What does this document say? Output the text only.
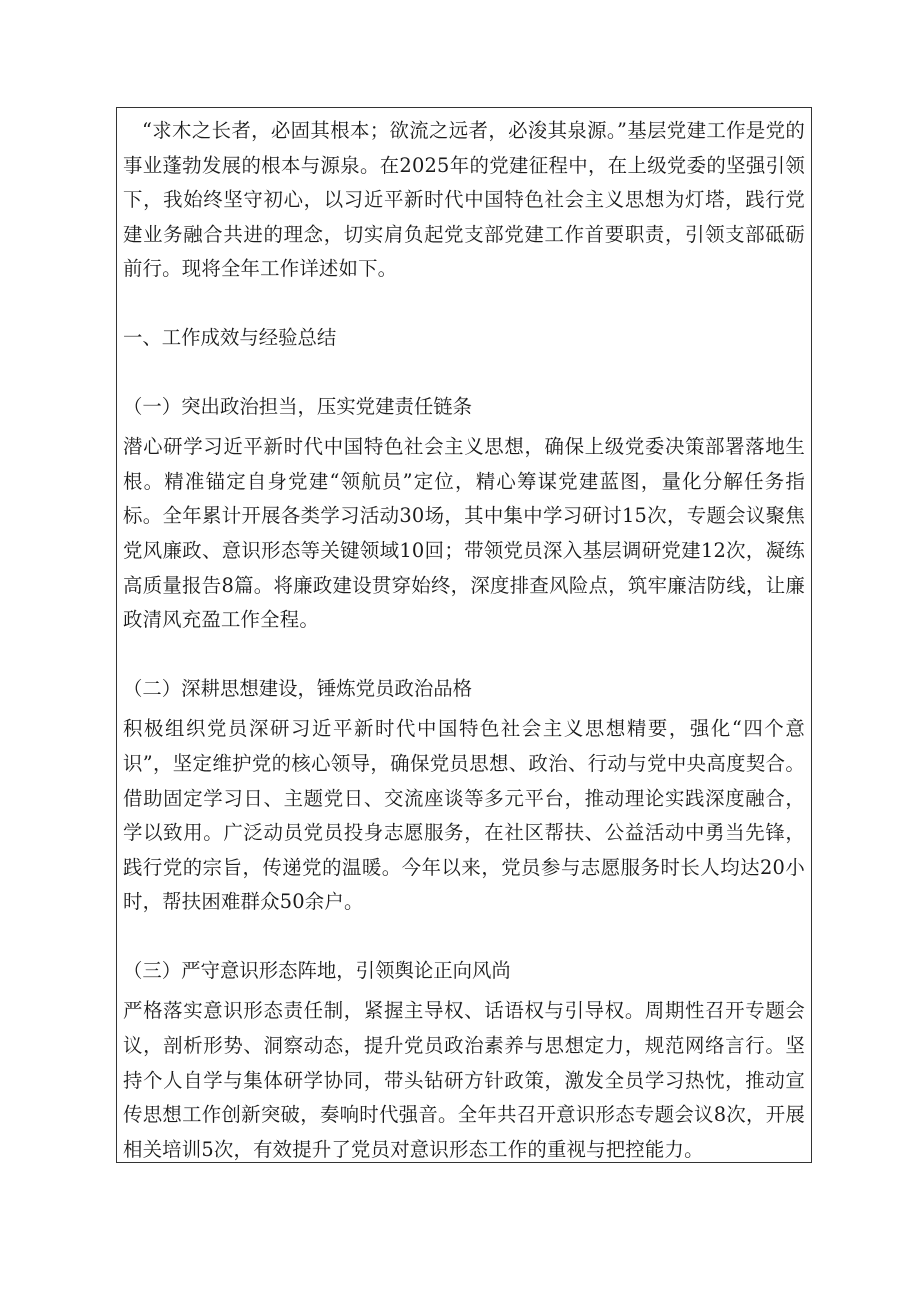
“求木之长者，必固其根本；欲流之远者，必浚其泉源。”基层党建工作是党的事业蓬勃发展的根本与源泉。在2025年的党建征程中，在上级党委的坚强引领下，我始终坚守初心，以习近平新时代中国特色社会主义思想为灯塔，践行党建业务融合共进的理念，切实肩负起党支部党建工作首要职责，引领支部砥砺前行。现将全年工作详述如下。

一、工作成效与经验总结

（一）突出政治担当，压实党建责任链条

潜心研学习近平新时代中国特色社会主义思想，确保上级党委决策部署落地生根。精准锚定自身党建“领航员”定位，精心筹谋党建蓝图，量化分解任务指标。全年累计开展各类学习活动30场，其中集中学习研讨15次，专题会议聚焦党风廉政、意识形态等关键领域10回；带领党员深入基层调研党建12次，凝练高质量报告8篇。将廉政建设贯穿始终，深度排查风险点，筑牢廉洁防线，让廉政清风充盈工作全程。

（二）深耕思想建设，锤炼党员政治品格

积极组织党员深研习近平新时代中国特色社会主义思想精要，强化“四个意识”，坚定维护党的核心领导，确保党员思想、政治、行动与党中央高度契合。借助固定学习日、主题党日、交流座谈等多元平台，推动理论实践深度融合，学以致用。广泛动员党员投身志愿服务，在社区帮扶、公益活动中勇当先锋，践行党的宗旨，传递党的温暖。今年以来，党员参与志愿服务时长人均达20小时，帮扶困难群众50余户。

（三）严守意识形态阵地，引领舆论正向风尚

严格落实意识形态责任制，紧握主导权、话语权与引导权。周期性召开专题会议，剖析形势、洞察动态，提升党员政治素养与思想定力，规范网络言行。坚持个人自学与集体研学协同，带头钻研方针政策，激发全员学习热忱，推动宣传思想工作创新突破，奏响时代强音。全年共召开意识形态专题会议8次，开展相关培训5次，有效提升了党员对意识形态工作的重视与把控能力。
